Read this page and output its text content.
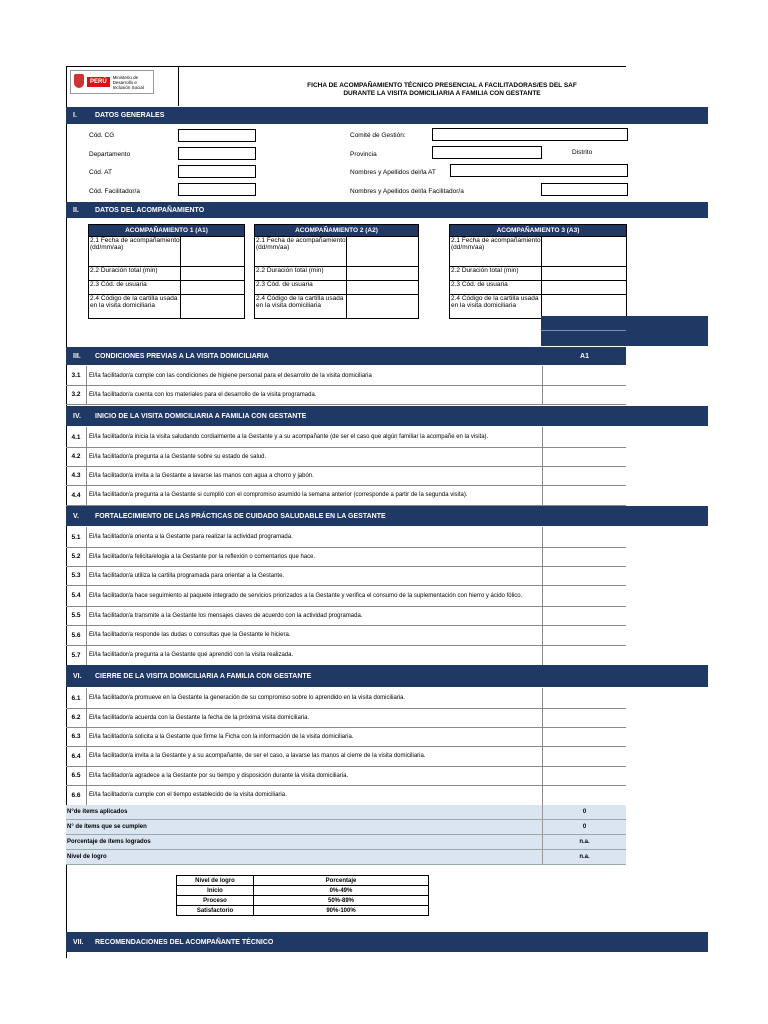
PERÚ
Ministerio de Desarrollo e Inclusión Social	FICHA DE ACOMPAÑAMIENTO TÉCNICO PRESENCIAL A FACILITADORAS/ES DEL SAF
DURANTE LA VISITA DOMICILIARIA A FAMILIA CON GESTANTE
I.	DATOS GENERALES
Cód. CG
Departamento
Cód. AT
Cód. Facilitador/a
Comité de Gestión:
Provincia	Distrito
Nombres y Apellidos del/la AT
Nombres y Apellidos del/la Facilitador/a
II.	DATOS DEL ACOMPAÑAMIENTO
ACOMPAÑAMIENTO 1 (A1)
2.1 Fecha de acompañamiento (dd/mm/aa)
2.2 Duración total (min)
2.3 Cód. de usuaria
2.4 Código de la cartilla usada en la visita domiciliaria
ACOMPAÑAMIENTO 2 (A2)
2.1 Fecha de acompañamiento (dd/mm/aa)
2.2 Duración total (min)
2.3 Cód. de usuaria
2.4 Código de la cartilla usada en la visita domiciliaria
ACOMPAÑAMIENTO 3 (A3)
2.1 Fecha de acompañamiento (dd/mm/aa)
2.2 Duración total (min)
2.3 Cód. de usuaria
2.4 Código de la cartilla usada en la visita domiciliaria
III.	CONDICIONES PREVIAS A LA VISITA DOMICILIARIA	A1
3.1	El/la facilitador/a cumple con las condiciones de higiene personal para el desarrollo de la visita domiciliaria
3.2	El/la facilitador/a cuenta con los materiales para el desarrollo de la visita programada.
IV.	INICIO DE LA VISITA DOMICILIARIA A FAMILIA CON GESTANTE
4.1	El/la facilitador/a inicia la visita saludando cordialmente a la Gestante y a su acompañante (de ser el caso que algún familiar la acompañe en la visita).
4.2	El/la facilitador/a pregunta a la Gestante sobre su estado de salud.
4.3	El/la facilitador/a invita a la Gestante a lavarse las manos con agua a chorro y jabón.
4.4	El/la facilitador/a pregunta a la Gestante si cumplió con el compromiso asumido la semana anterior (corresponde a partir de la segunda visita).
V.	FORTALECIMIENTO DE LAS PRÁCTICAS DE CUIDADO SALUDABLE EN LA GESTANTE
5.1	El/la facilitador/a orienta a la Gestante para realizar la actividad programada.
5.2	El/la facilitador/a felicita/elogia a la Gestante por la reflexión o comentarios que hace.
5.3	El/la facilitador/a utiliza la cartilla programada para orientar a la Gestante.
5.4	El/la facilitador/a hace seguimiento al paquete integrado de servicios priorizados a la Gestante y verifica el consumo de la suplementación con hierro y ácido fólico.
5.5	El/la facilitador/a transmite a la Gestante los mensajes claves de acuerdo con la actividad programada.
5.6	El/la facilitador/a responde las dudas o consultas que la Gestante le hiciera.
5.7	El/la facilitador/a pregunta a la Gestante qué aprendió con la visita realizada.
VI.	CIERRE DE LA VISITA DOMICILIARIA A FAMILIA CON GESTANTE
6.1	El/la facilitador/a promueve en la Gestante la generación de su compromiso sobre lo aprendido en la visita domiciliaria.
6.2	El/la facilitador/a acuerda con la Gestante la fecha de la próxima visita domiciliaria.
6.3	El/la facilitador/a solicita a la Gestante que firme la Ficha con la información de la visita domiciliaria.
6.4	El/la facilitador/a invita a la Gestante y a su acompañante, de ser el caso, a lavarse las manos al cierre de la visita domiciliaria.
6.5	El/la facilitador/a agradece a la Gestante por su tiempo y disposición durante la visita domiciliaria.
6.6	El/la facilitador/a cumple con el tiempo establecido de la visita domiciliaria.
N°de ítems aplicados	0
N° de ítems que se cumplen	0
Porcentaje de ítems logrados	n.a.
Nivel de logro	n.a.
Nivel de logro	Porcentaje
Inicio	0%-49%
Proceso	50%-89%
Satisfactorio	90%-100%
VII.	RECOMENDACIONES DEL ACOMPAÑANTE TÉCNICO
